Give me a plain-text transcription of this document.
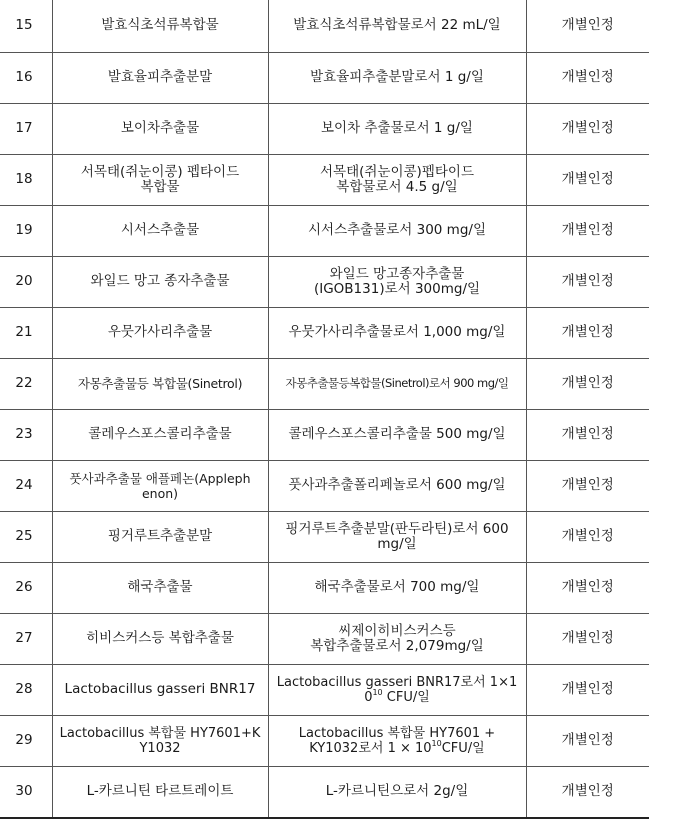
15	발효식초석류복합물	발효식초석류복합물로서 22 mL/일	개별인정
16	발효율피추출분말	발효율피추출분말로서 1 g/일	개별인정
17	보이차추출물	보이차 추출물로서 1 g/일	개별인정
18	서목태(쥐눈이콩) 펩타이드
복합물	서목태(쥐눈이콩)펩타이드
복합물로서 4.5 g/일	개별인정
19	시서스추출물	시서스추출물로서 300 mg/일	개별인정
20	와일드 망고 종자추출물	와일드 망고종자추출물
(IGOB131)로서 300mg/일	개별인정
21	우뭇가사리추출물	우뭇가사리추출물로서 1,000 mg/일	개별인정
22	자몽추출물등 복합물(Sinetrol)	자몽추출물등복합물(Sinetrol)로서 900 mg/일	개별인정
23	콜레우스포스콜리추출물	콜레우스포스콜리추출물 500 mg/일	개별인정
24	풋사과추출물 애플페논(Appleph
enon)	풋사과추출폴리페놀로서 600 mg/일	개별인정
25	핑거루트추출분말	핑거루트추출분말(판두라틴)로서 600
mg/일	개별인정
26	해국추출물	해국추출물로서 700 mg/일	개별인정
27	히비스커스등 복합추출물	씨제이히비스커스등
복합추출물로서 2,079mg/일	개별인정
28	Lactobacillus gasseri BNR17	Lactobacillus gasseri BNR17로서 1×1
$0^{10}$ CFU/일	개별인정
29	Lactobacillus 복합물 HY7601+K
Y1032	Lactobacillus 복합물 HY7601 +
KY1032로서 $1 \times 10^{10}CFU/$일	개별인정
30	L-카르니틴 타르트레이트	L-카르니틴으로서 2g/일	개별인정
